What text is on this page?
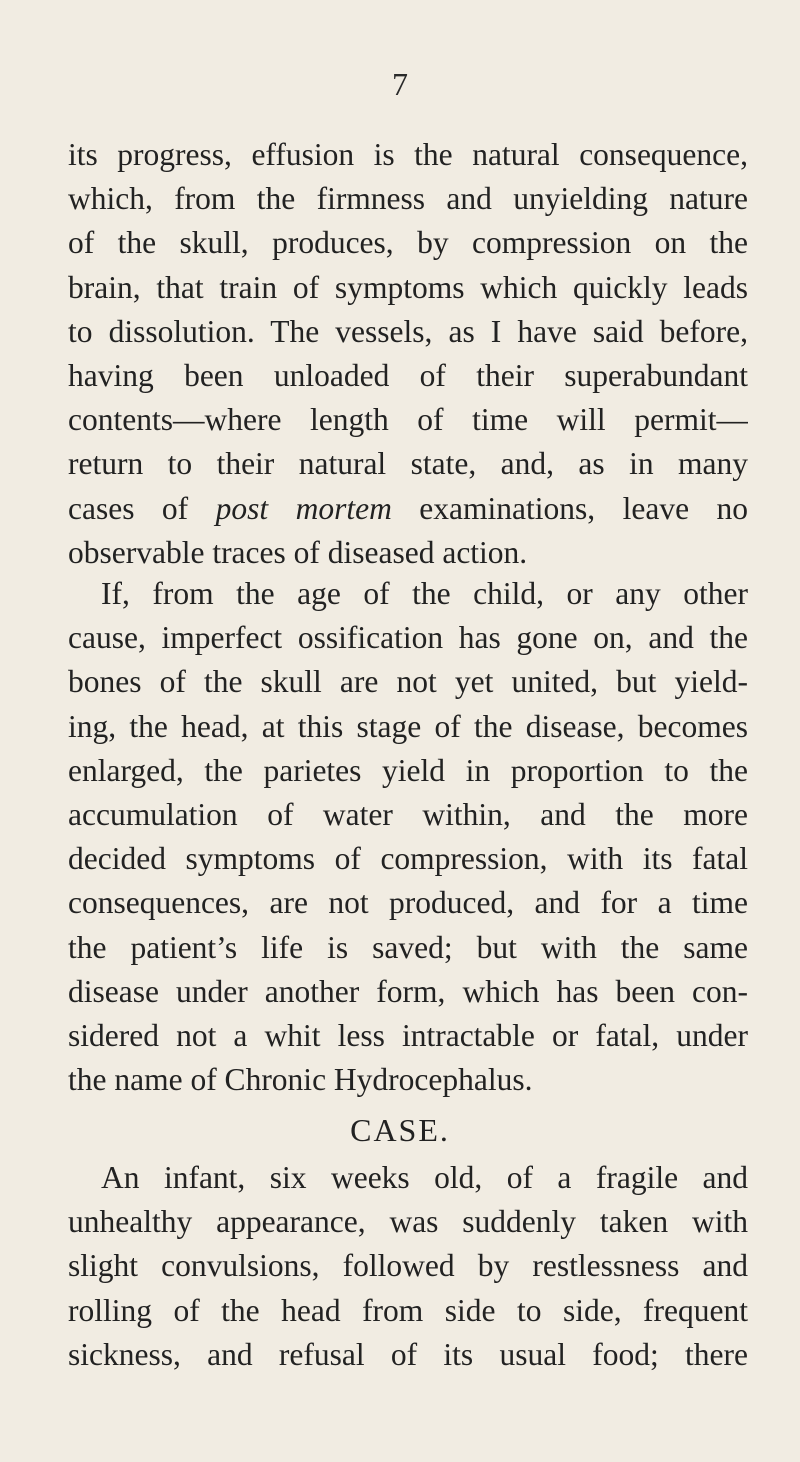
7
its progress, effusion is the natural consequence,
which, from the firmness and unyielding nature
of the skull, produces, by compression on the
brain, that train of symptoms which quickly leads
to dissolution. The vessels, as I have said before,
having been unloaded of their superabundant
contents—where length of time will permit—
return to their natural state, and, as in many
cases of post mortem examinations, leave no
observable traces of diseased action.
If, from the age of the child, or any other
cause, imperfect ossification has gone on, and the
bones of the skull are not yet united, but yield-
ing, the head, at this stage of the disease, becomes
enlarged, the parietes yield in proportion to the
accumulation of water within, and the more
decided symptoms of compression, with its fatal
consequences, are not produced, and for a time
the patient’s life is saved; but with the same
disease under another form, which has been con-
sidered not a whit less intractable or fatal, under
the name of Chronic Hydrocephalus.
CASE.
An infant, six weeks old, of a fragile and
unhealthy appearance, was suddenly taken with
slight convulsions, followed by restlessness and
rolling of the head from side to side, frequent
sickness, and refusal of its usual food; there
